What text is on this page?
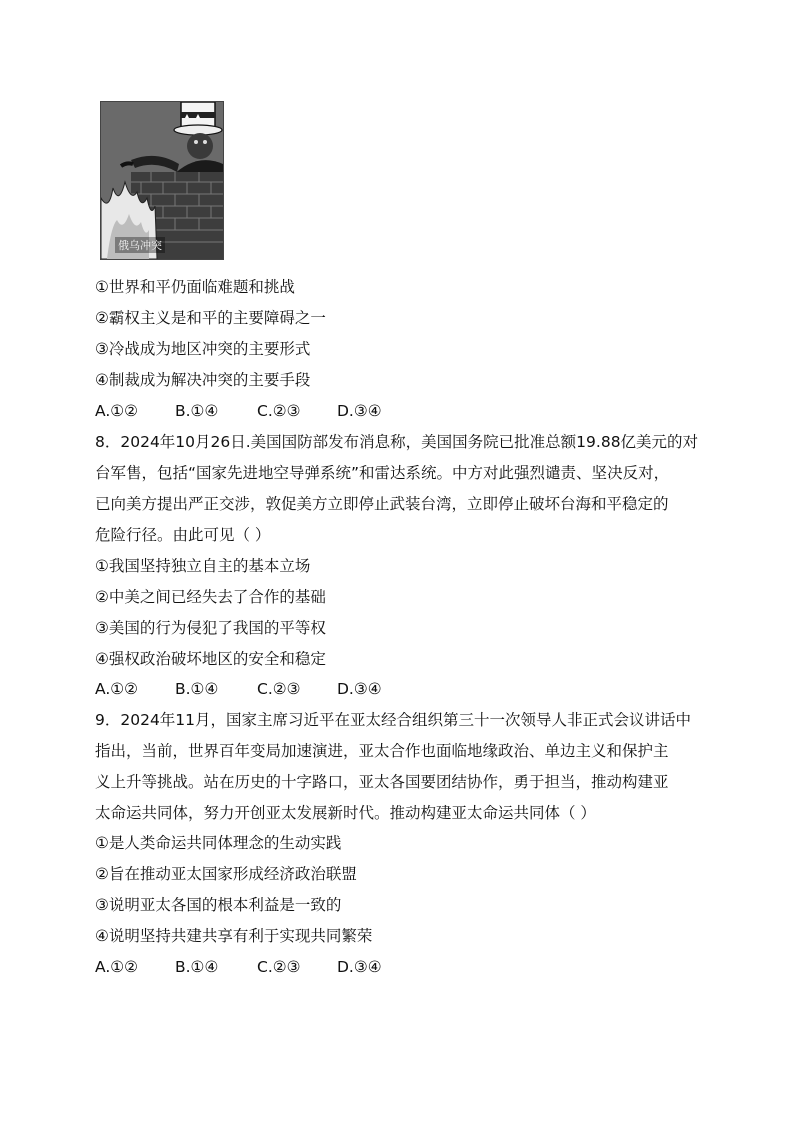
俄乌冲突
①世界和平仍面临难题和挑战
②霸权主义是和平的主要障碍之一
③冷战成为地区冲突的主要形式
④制裁成为解决冲突的主要手段
A.①② B.①④ C.②③ D.③④
8．2024年10月26日.美国国防部发布消息称，美国国务院已批准总额19.88亿美元的对
台军售，包括“国家先进地空导弹系统”和雷达系统。中方对此强烈谴责、坚决反对，
已向美方提出严正交涉，敦促美方立即停止武装台湾，立即停止破坏台海和平稳定的
危险行径。由此可见（ ）
①我国坚持独立自主的基本立场
②中美之间已经失去了合作的基础
③美国的行为侵犯了我国的平等权
④强权政治破坏地区的安全和稳定
A.①② B.①④ C.②③ D.③④
9．2024年11月，国家主席习近平在亚太经合组织第三十一次领导人非正式会议讲话中
指出，当前，世界百年变局加速演进，亚太合作也面临地缘政治、单边主义和保护主
义上升等挑战。站在历史的十字路口，亚太各国要团结协作，勇于担当，推动构建亚
太命运共同体，努力开创亚太发展新时代。推动构建亚太命运共同体（ ）
①是人类命运共同体理念的生动实践
②旨在推动亚太国家形成经济政治联盟
③说明亚太各国的根本利益是一致的
④说明坚持共建共享有利于实现共同繁荣
A.①② B.①④ C.②③ D.③④
